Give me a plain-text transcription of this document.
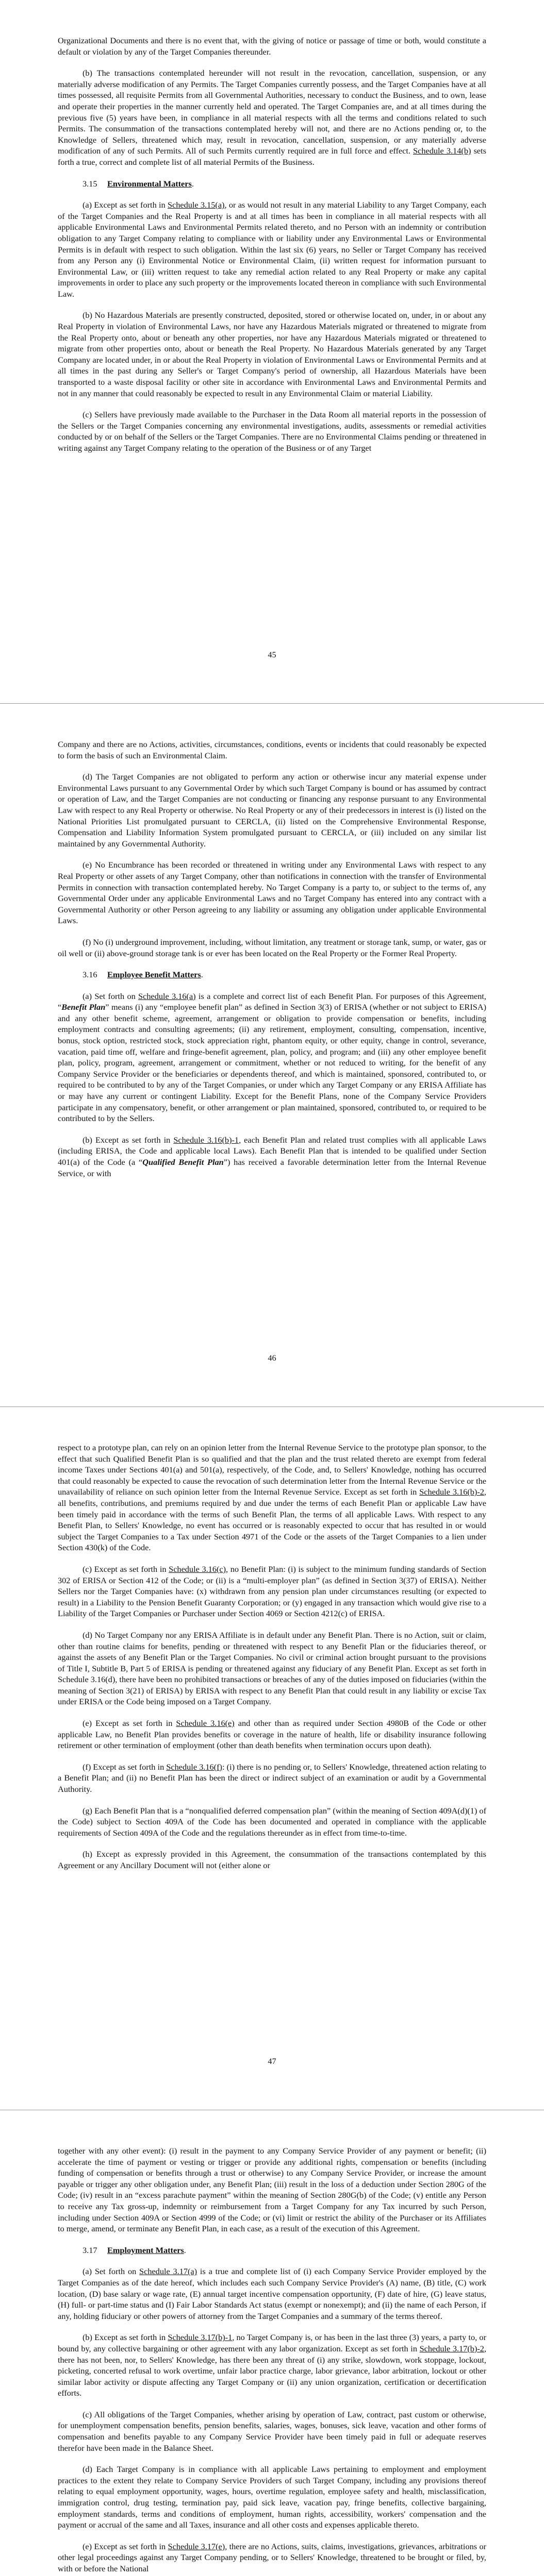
Organizational Documents and there is no event that, with the giving of notice or passage of time or both, would constitute a default or violation by any of the Target Companies thereunder.

(b) The transactions contemplated hereunder will not result in the revocation, cancellation, suspension, or any materially adverse modification of any Permits. The Target Companies currently possess, and the Target Companies have at all times possessed, all requisite Permits from all Governmental Authorities, necessary to conduct the Business, and to own, lease and operate their properties in the manner currently held and operated. The Target Companies are, and at all times during the previous five (5) years have been, in compliance in all material respects with all the terms and conditions related to such Permits. The consummation of the transactions contemplated hereby will not, and there are no Actions pending or, to the Knowledge of Sellers, threatened which may, result in revocation, cancellation, suspension, or any materially adverse modification of any of such Permits. All of such Permits currently required are in full force and effect. Schedule 3.14(b) sets forth a true, correct and complete list of all material Permits of the Business.

3.15 Environmental Matters.

(a) Except as set forth in Schedule 3.15(a), or as would not result in any material Liability to any Target Company, each of the Target Companies and the Real Property is and at all times has been in compliance in all material respects with all applicable Environmental Laws and Environmental Permits related thereto, and no Person with an indemnity or contribution obligation to any Target Company relating to compliance with or liability under any Environmental Laws or Environmental Permits is in default with respect to such obligation. Within the last six (6) years, no Seller or Target Company has received from any Person any (i) Environmental Notice or Environmental Claim, (ii) written request for information pursuant to Environmental Law, or (iii) written request to take any remedial action related to any Real Property or make any capital improvements in order to place any such property or the improvements located thereon in compliance with such Environmental Law.

(b) No Hazardous Materials are presently constructed, deposited, stored or otherwise located on, under, in or about any Real Property in violation of Environmental Laws, nor have any Hazardous Materials migrated or threatened to migrate from the Real Property onto, about or beneath any other properties, nor have any Hazardous Materials migrated or threatened to migrate from other properties onto, about or beneath the Real Property. No Hazardous Materials generated by any Target Company are located under, in or about the Real Property in violation of Environmental Laws or Environmental Permits and at all times in the past during any Seller's or Target Company's period of ownership, all Hazardous Materials have been transported to a waste disposal facility or other site in accordance with Environmental Laws and Environmental Permits and not in any manner that could reasonably be expected to result in any Environmental Claim or material Liability.

(c) Sellers have previously made available to the Purchaser in the Data Room all material reports in the possession of the Sellers or the Target Companies concerning any environmental investigations, audits, assessments or remedial activities conducted by or on behalf of the Sellers or the Target Companies. There are no Environmental Claims pending or threatened in writing against any Target Company relating to the operation of the Business or of any Target

45

Company and there are no Actions, activities, circumstances, conditions, events or incidents that could reasonably be expected to form the basis of such an Environmental Claim.

(d) The Target Companies are not obligated to perform any action or otherwise incur any material expense under Environmental Laws pursuant to any Governmental Order by which such Target Company is bound or has assumed by contract or operation of Law, and the Target Companies are not conducting or financing any response pursuant to any Environmental Law with respect to any Real Property or otherwise. No Real Property or any of their predecessors in interest is (i) listed on the National Priorities List promulgated pursuant to CERCLA, (ii) listed on the Comprehensive Environmental Response, Compensation and Liability Information System promulgated pursuant to CERCLA, or (iii) included on any similar list maintained by any Governmental Authority.

(e) No Encumbrance has been recorded or threatened in writing under any Environmental Laws with respect to any Real Property or other assets of any Target Company, other than notifications in connection with the transfer of Environmental Permits in connection with transaction contemplated hereby. No Target Company is a party to, or subject to the terms of, any Governmental Order under any applicable Environmental Laws and no Target Company has entered into any contract with a Governmental Authority or other Person agreeing to any liability or assuming any obligation under applicable Environmental Laws.

(f) No (i) underground improvement, including, without limitation, any treatment or storage tank, sump, or water, gas or oil well or (ii) above-ground storage tank is or ever has been located on the Real Property or the Former Real Property.

3.16 Employee Benefit Matters.

(a) Set forth on Schedule 3.16(a) is a complete and correct list of each Benefit Plan. For purposes of this Agreement, “Benefit Plan” means (i) any “employee benefit plan” as defined in Section 3(3) of ERISA (whether or not subject to ERISA) and any other benefit scheme, agreement, arrangement or obligation to provide compensation or benefits, including employment contracts and consulting agreements; (ii) any retirement, employment, consulting, compensation, incentive, bonus, stock option, restricted stock, stock appreciation right, phantom equity, or other equity, change in control, severance, vacation, paid time off, welfare and fringe-benefit agreement, plan, policy, and program; and (iii) any other employee benefit plan, policy, program, agreement, arrangement or commitment, whether or not reduced to writing, for the benefit of any Company Service Provider or the beneficiaries or dependents thereof, and which is maintained, sponsored, contributed to, or required to be contributed to by any of the Target Companies, or under which any Target Company or any ERISA Affiliate has or may have any current or contingent Liability. Except for the Benefit Plans, none of the Company Service Providers participate in any compensatory, benefit, or other arrangement or plan maintained, sponsored, contributed to, or required to be contributed to by the Sellers.

(b) Except as set forth in Schedule 3.16(b)-1, each Benefit Plan and related trust complies with all applicable Laws (including ERISA, the Code and applicable local Laws). Each Benefit Plan that is intended to be qualified under Section 401(a) of the Code (a “Qualified Benefit Plan”) has received a favorable determination letter from the Internal Revenue Service, or with

46

respect to a prototype plan, can rely on an opinion letter from the Internal Revenue Service to the prototype plan sponsor, to the effect that such Qualified Benefit Plan is so qualified and that the plan and the trust related thereto are exempt from federal income Taxes under Sections 401(a) and 501(a), respectively, of the Code, and, to Sellers' Knowledge, nothing has occurred that could reasonably be expected to cause the revocation of such determination letter from the Internal Revenue Service or the unavailability of reliance on such opinion letter from the Internal Revenue Service. Except as set forth in Schedule 3.16(b)-2, all benefits, contributions, and premiums required by and due under the terms of each Benefit Plan or applicable Law have been timely paid in accordance with the terms of such Benefit Plan, the terms of all applicable Laws. With respect to any Benefit Plan, to Sellers' Knowledge, no event has occurred or is reasonably expected to occur that has resulted in or would subject the Target Companies to a Tax under Section 4971 of the Code or the assets of the Target Companies to a lien under Section 430(k) of the Code.

(c) Except as set forth in Schedule 3.16(c), no Benefit Plan: (i) is subject to the minimum funding standards of Section 302 of ERISA or Section 412 of the Code; or (ii) is a “multi-employer plan” (as defined in Section 3(37) of ERISA). Neither Sellers nor the Target Companies have: (x) withdrawn from any pension plan under circumstances resulting (or expected to result) in a Liability to the Pension Benefit Guaranty Corporation; or (y) engaged in any transaction which would give rise to a Liability of the Target Companies or Purchaser under Section 4069 or Section 4212(c) of ERISA.

(d) No Target Company nor any ERISA Affiliate is in default under any Benefit Plan. There is no Action, suit or claim, other than routine claims for benefits, pending or threatened with respect to any Benefit Plan or the fiduciaries thereof, or against the assets of any Benefit Plan or the Target Companies. No civil or criminal action brought pursuant to the provisions of Title I, Subtitle B, Part 5 of ERISA is pending or threatened against any fiduciary of any Benefit Plan. Except as set forth in Schedule 3.16(d), there have been no prohibited transactions or breaches of any of the duties imposed on fiduciaries (within the meaning of Section 3(21) of ERISA) by ERISA with respect to any Benefit Plan that could result in any liability or excise Tax under ERISA or the Code being imposed on a Target Company.

(e) Except as set forth in Schedule 3.16(e) and other than as required under Section 4980B of the Code or other applicable Law, no Benefit Plan provides benefits or coverage in the nature of health, life or disability insurance following retirement or other termination of employment (other than death benefits when termination occurs upon death).

(f) Except as set forth in Schedule 3.16(f): (i) there is no pending or, to Sellers' Knowledge, threatened action relating to a Benefit Plan; and (ii) no Benefit Plan has been the direct or indirect subject of an examination or audit by a Governmental Authority.

(g) Each Benefit Plan that is a “nonqualified deferred compensation plan” (within the meaning of Section 409A(d)(1) of the Code) subject to Section 409A of the Code has been documented and operated in compliance with the applicable requirements of Section 409A of the Code and the regulations thereunder as in effect from time-to-time.

(h) Except as expressly provided in this Agreement, the consummation of the transactions contemplated by this Agreement or any Ancillary Document will not (either alone or

47

together with any other event): (i) result in the payment to any Company Service Provider of any payment or benefit; (ii) accelerate the time of payment or vesting or trigger or provide any additional rights, compensation or benefits (including funding of compensation or benefits through a trust or otherwise) to any Company Service Provider, or increase the amount payable or trigger any other obligation under, any Benefit Plan; (iii) result in the loss of a deduction under Section 280G of the Code; (iv) result in an “excess parachute payment” within the meaning of Section 280G(b) of the Code; (v) entitle any Person to receive any Tax gross-up, indemnity or reimbursement from a Target Company for any Tax incurred by such Person, including under Section 409A or Section 4999 of the Code; or (vi) limit or restrict the ability of the Purchaser or its Affiliates to merge, amend, or terminate any Benefit Plan, in each case, as a result of the execution of this Agreement.

3.17 Employment Matters.

(a) Set forth on Schedule 3.17(a) is a true and complete list of (i) each Company Service Provider employed by the Target Companies as of the date hereof, which includes each such Company Service Provider's (A) name, (B) title, (C) work location, (D) base salary or wage rate, (E) annual target incentive compensation opportunity, (F) date of hire, (G) leave status, (H) full- or part-time status and (I) Fair Labor Standards Act status (exempt or nonexempt); and (ii) the name of each Person, if any, holding fiduciary or other powers of attorney from the Target Companies and a summary of the terms thereof.

(b) Except as set forth in Schedule 3.17(b)-1, no Target Company is, or has been in the last three (3) years, a party to, or bound by, any collective bargaining or other agreement with any labor organization. Except as set forth in Schedule 3.17(b)-2, there has not been, nor, to Sellers' Knowledge, has there been any threat of (i) any strike, slowdown, work stoppage, lockout, picketing, concerted refusal to work overtime, unfair labor practice charge, labor grievance, labor arbitration, lockout or other similar labor activity or dispute affecting any Target Company or (ii) any union organization, certification or decertification efforts.

(c) All obligations of the Target Companies, whether arising by operation of Law, contract, past custom or otherwise, for unemployment compensation benefits, pension benefits, salaries, wages, bonuses, sick leave, vacation and other forms of compensation and benefits payable to any Company Service Provider have been timely paid in full or adequate reserves therefor have been made in the Balance Sheet.

(d) Each Target Company is in compliance with all applicable Laws pertaining to employment and employment practices to the extent they relate to Company Service Providers of such Target Company, including any provisions thereof relating to equal employment opportunity, wages, hours, overtime regulation, employee safety and health, misclassification, immigration control, drug testing, termination pay, paid sick leave, vacation pay, fringe benefits, collective bargaining, employment standards, terms and conditions of employment, human rights, accessibility, workers' compensation and the payment or accrual of the same and all Taxes, insurance and all other costs and expenses applicable thereto.

(e) Except as set forth in Schedule 3.17(e), there are no Actions, suits, claims, investigations, grievances, arbitrations or other legal proceedings against any Target Company pending, or to Sellers' Knowledge, threatened to be brought or filed, by, with or before the National
